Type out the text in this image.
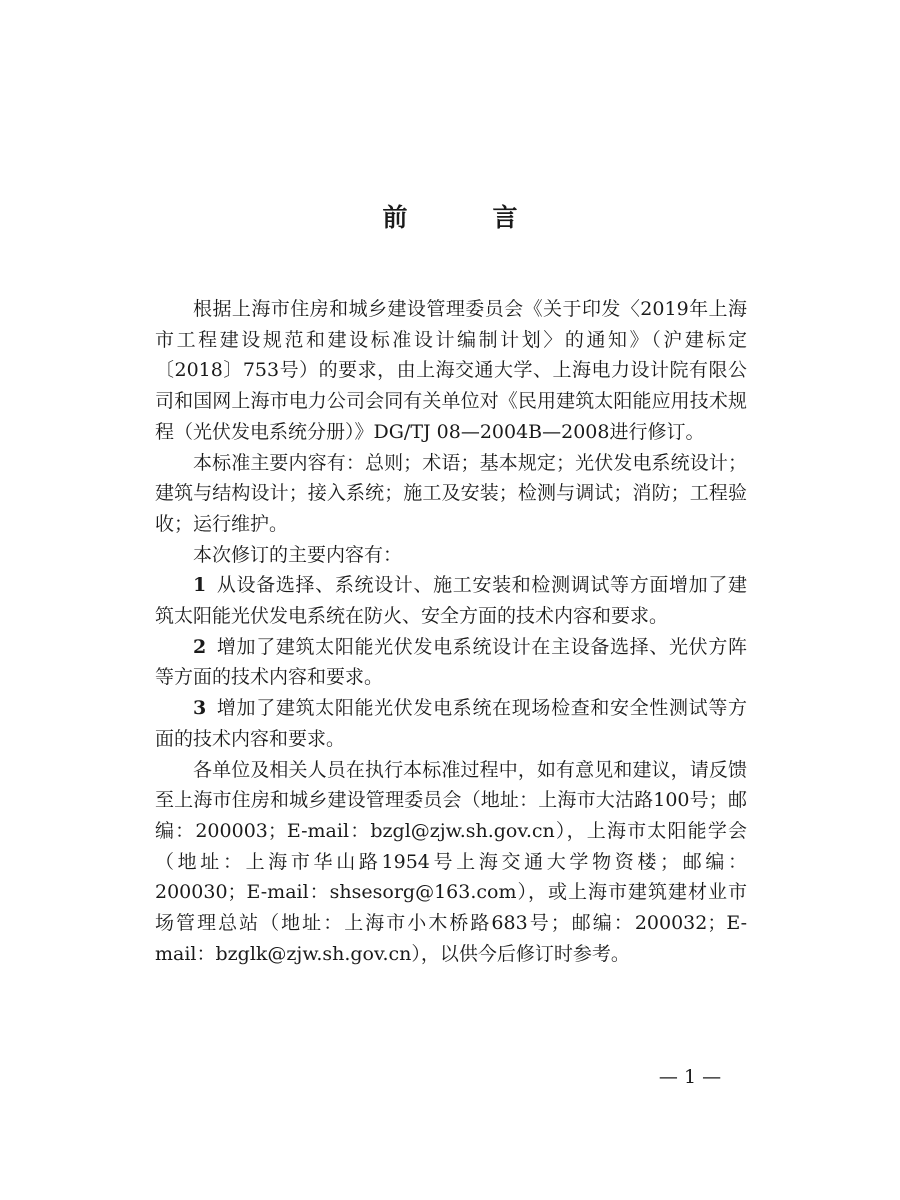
前　言

根据上海市住房和城乡建设管理委员会《关于印发〈2019年上海市工程建设规范和建设标准设计编制计划〉的通知》（沪建标定〔2018〕753号）的要求，由上海交通大学、上海电力设计院有限公司和国网上海市电力公司会同有关单位对《民用建筑太阳能应用技术规程（光伏发电系统分册）》DG/TJ 08—2004B—2008进行修订。

本标准主要内容有：总则；术语；基本规定；光伏发电系统设计；建筑与结构设计；接入系统；施工及安装；检测与调试；消防；工程验收；运行维护。

本次修订的主要内容有：

1 从设备选择、系统设计、施工安装和检测调试等方面增加了建筑太阳能光伏发电系统在防火、安全方面的技术内容和要求。

2 增加了建筑太阳能光伏发电系统设计在主设备选择、光伏方阵等方面的技术内容和要求。

3 增加了建筑太阳能光伏发电系统在现场检查和安全性测试等方面的技术内容和要求。

各单位及相关人员在执行本标准过程中，如有意见和建议，请反馈至上海市住房和城乡建设管理委员会（地址：上海市大沽路100号；邮编：200003；E-mail：bzgl@zjw.sh.gov.cn），上海市太阳能学会（地址：上海市华山路1954号上海交通大学物资楼；邮编：200030；E-mail：shsesorg@163.com），或上海市建筑建材业市场管理总站（地址：上海市小木桥路683号；邮编：200032；E-mail：bzglk@zjw.sh.gov.cn），以供今后修订时参考。

— 1 —
